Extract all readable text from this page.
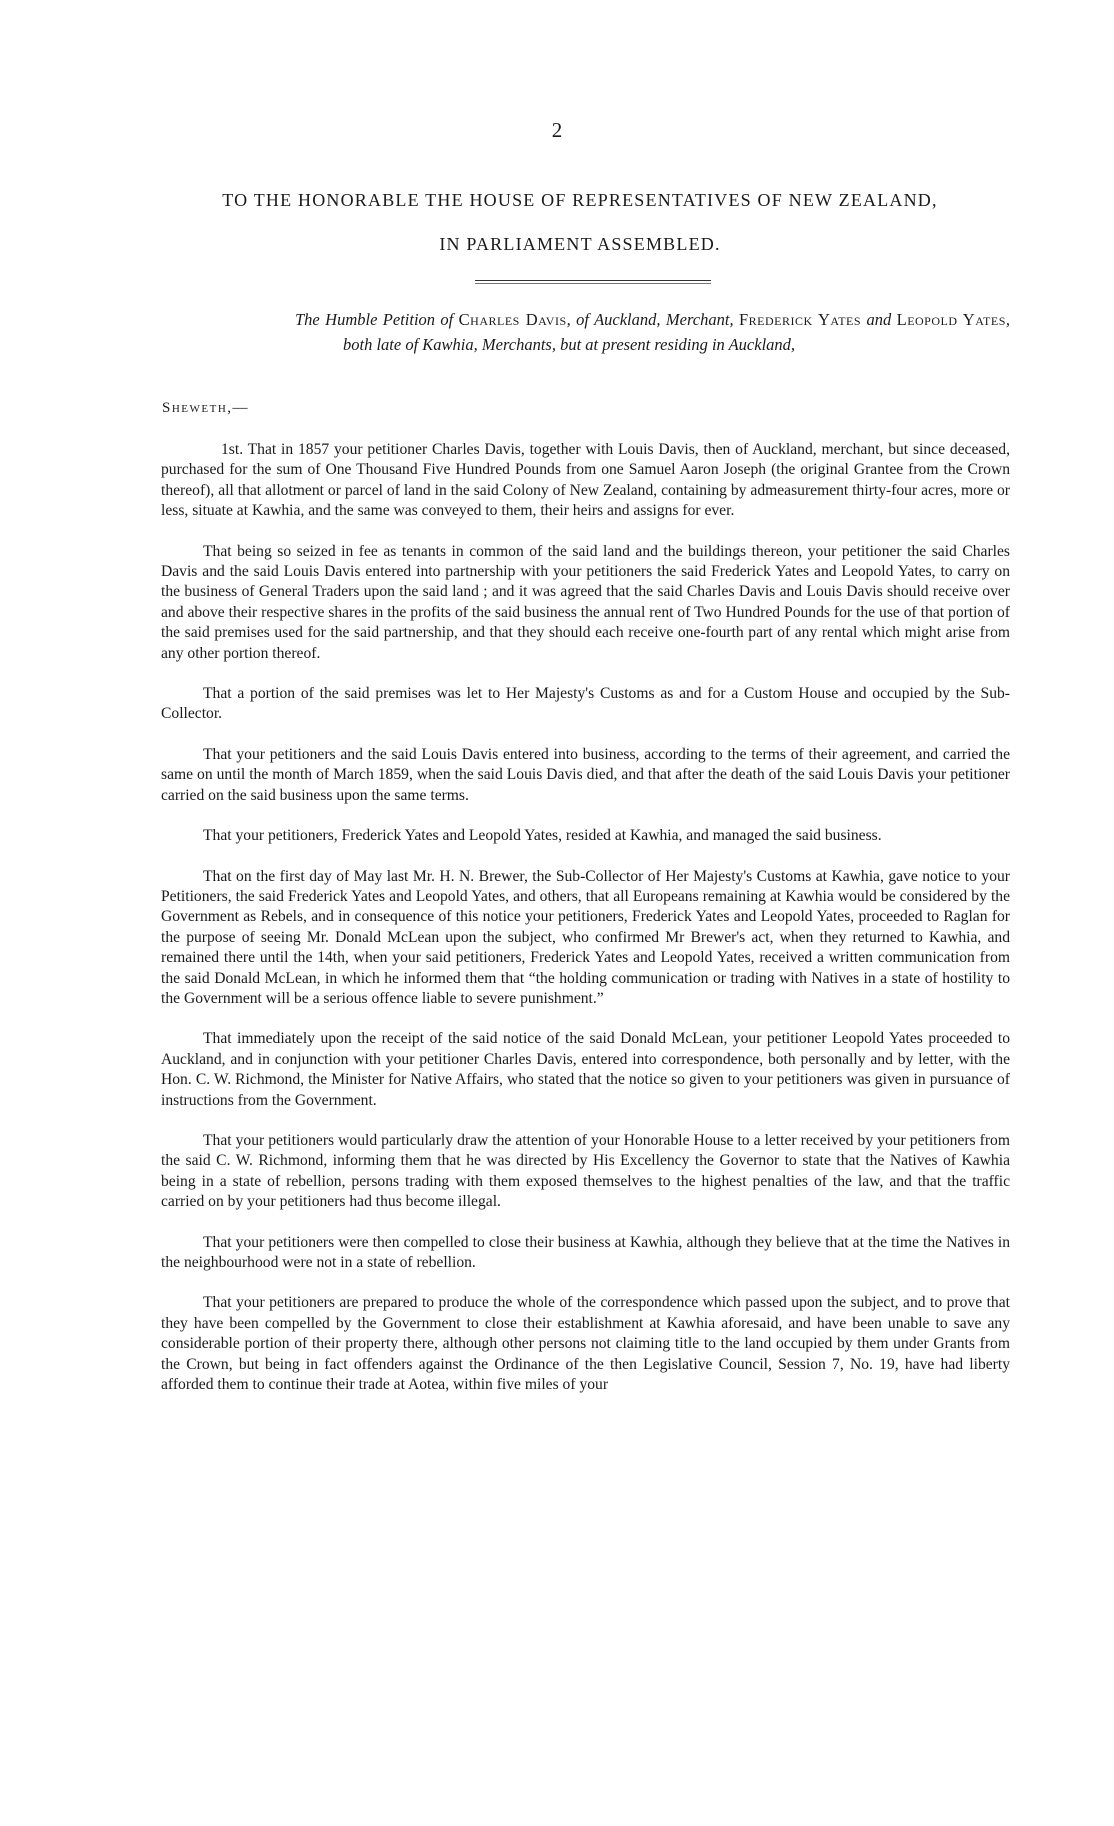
2
TO THE HONORABLE THE HOUSE OF REPRESENTATIVES OF NEW ZEALAND,
IN PARLIAMENT ASSEMBLED.
The Humble Petition of Charles Davis, of Auckland, Merchant, Frederick Yates and Leopold Yates, both late of Kawhia, Merchants, but at present residing in Auckland,
Sheweth,—

1st. That in 1857 your petitioner Charles Davis, together with Louis Davis, then of Auckland, merchant, but since deceased, purchased for the sum of One Thousand Five Hundred Pounds from one Samuel Aaron Joseph (the original Grantee from the Crown thereof), all that allotment or parcel of land in the said Colony of New Zealand, containing by admeasurement thirty-four acres, more or less, situate at Kawhia, and the same was conveyed to them, their heirs and assigns for ever.

That being so seized in fee as tenants in common of the said land and the buildings thereon, your petitioner the said Charles Davis and the said Louis Davis entered into partnership with your petitioners the said Frederick Yates and Leopold Yates, to carry on the business of General Traders upon the said land ; and it was agreed that the said Charles Davis and Louis Davis should receive over and above their respective shares in the profits of the said business the annual rent of Two Hundred Pounds for the use of that portion of the said premises used for the said partnership, and that they should each receive one-fourth part of any rental which might arise from any other portion thereof.

That a portion of the said premises was let to Her Majesty's Customs as and for a Custom House and occupied by the Sub-Collector.

That your petitioners and the said Louis Davis entered into business, according to the terms of their agreement, and carried the same on until the month of March 1859, when the said Louis Davis died, and that after the death of the said Louis Davis your petitioner carried on the said business upon the same terms.

That your petitioners, Frederick Yates and Leopold Yates, resided at Kawhia, and managed the said business.

That on the first day of May last Mr. H. N. Brewer, the Sub-Collector of Her Majesty's Customs at Kawhia, gave notice to your Petitioners, the said Frederick Yates and Leopold Yates, and others, that all Europeans remaining at Kawhia would be considered by the Government as Rebels, and in consequence of this notice your petitioners, Frederick Yates and Leopold Yates, proceeded to Raglan for the purpose of seeing Mr. Donald McLean upon the subject, who confirmed Mr Brewer's act, when they returned to Kawhia, and remained there until the 14th, when your said petitioners, Frederick Yates and Leopold Yates, received a written communication from the said Donald McLean, in which he informed them that “the holding communication or trading with Natives in a state of hostility to the Government will be a serious offence liable to severe punishment.”

That immediately upon the receipt of the said notice of the said Donald McLean, your petitioner Leopold Yates proceeded to Auckland, and in conjunction with your petitioner Charles Davis, entered into correspondence, both personally and by letter, with the Hon. C. W. Richmond, the Minister for Native Affairs, who stated that the notice so given to your petitioners was given in pursuance of instructions from the Government.

That your petitioners would particularly draw the attention of your Honorable House to a letter received by your petitioners from the said C. W. Richmond, informing them that he was directed by His Excellency the Governor to state that the Natives of Kawhia being in a state of rebellion, persons trading with them exposed themselves to the highest penalties of the law, and that the traffic carried on by your petitioners had thus become illegal.

That your petitioners were then compelled to close their business at Kawhia, although they believe that at the time the Natives in the neighbourhood were not in a state of rebellion.

That your petitioners are prepared to produce the whole of the correspondence which passed upon the subject, and to prove that they have been compelled by the Government to close their establishment at Kawhia aforesaid, and have been unable to save any considerable portion of their property there, although other persons not claiming title to the land occupied by them under Grants from the Crown, but being in fact offenders against the Ordinance of the then Legislative Council, Session 7, No. 19, have had liberty afforded them to continue their trade at Aotea, within five miles of your
